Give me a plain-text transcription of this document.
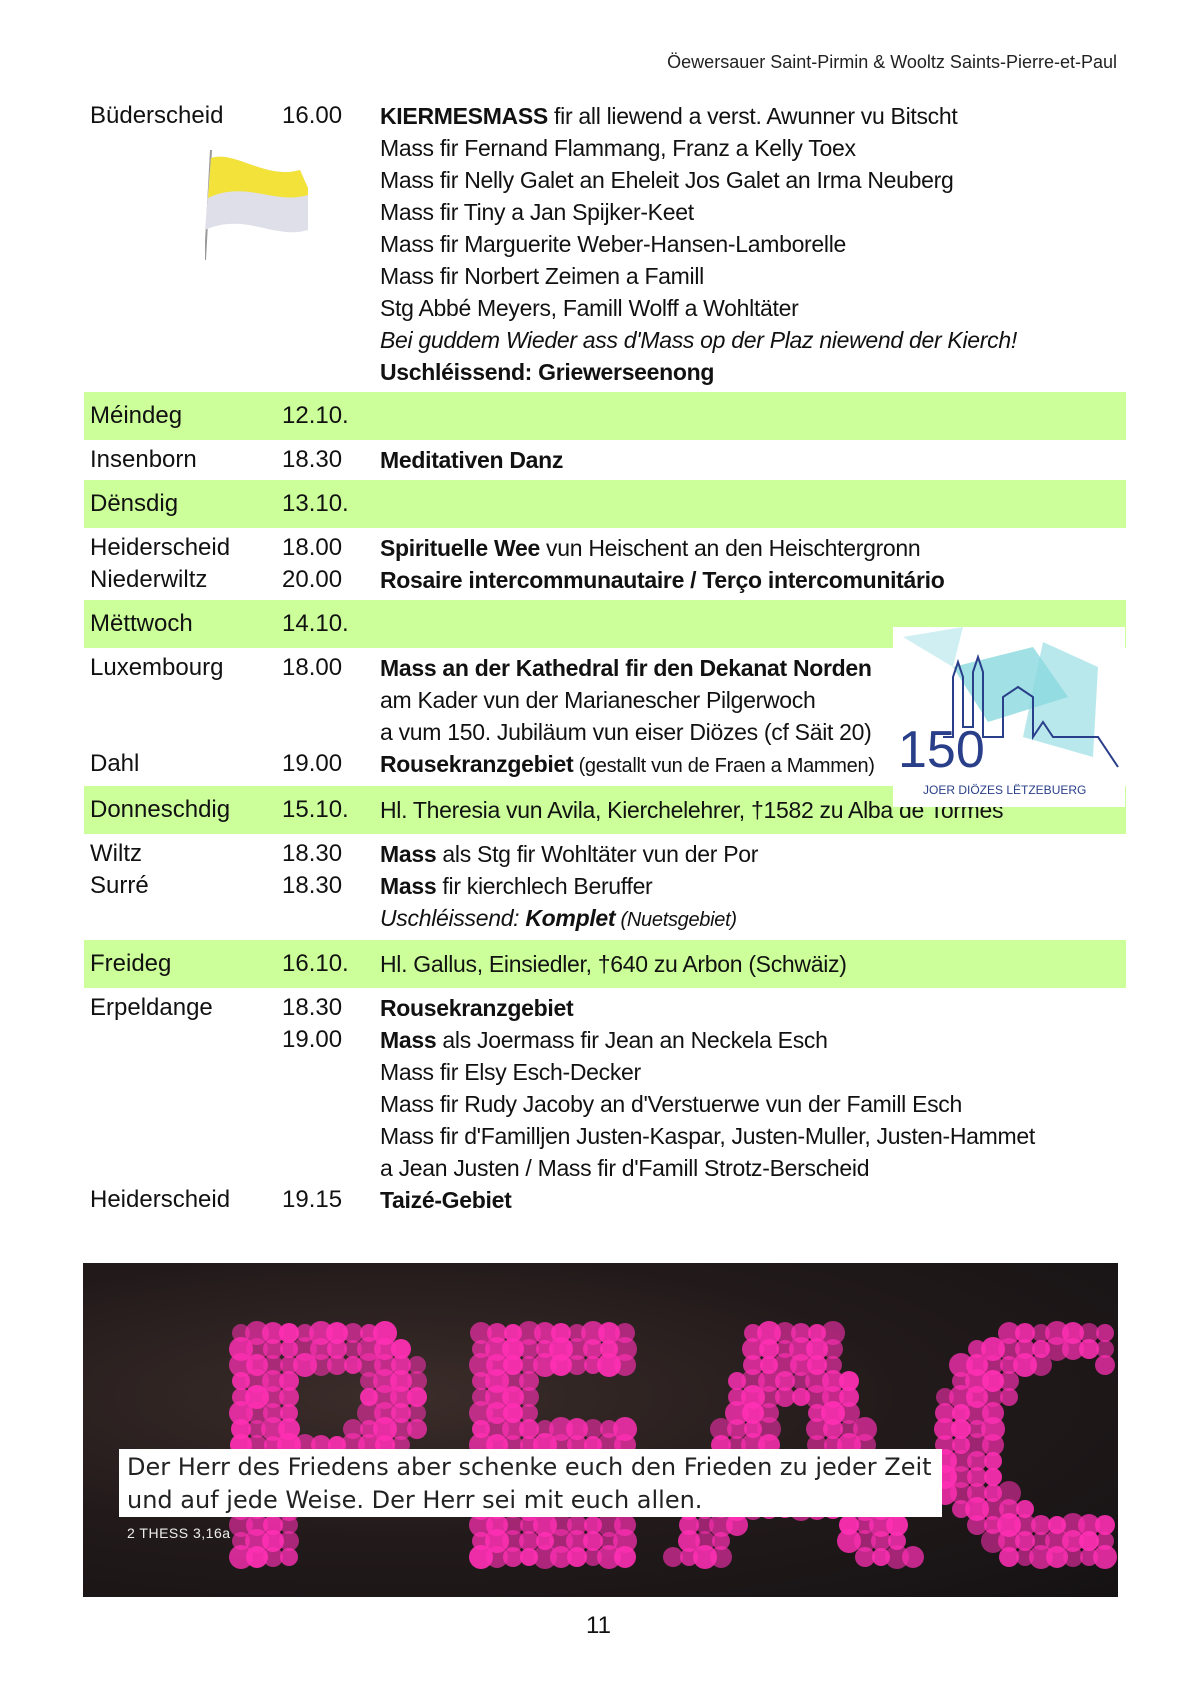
Öewersauer Saint-Pirmin & Wooltz Saints-Pierre-et-Paul
Büderscheid 16.00	KIERMESMASS fir all liewend a verst. Awunner vu Bitscht
Mass fir Fernand Flammang, Franz a Kelly Toex
Mass fir Nelly Galet an Eheleit Jos Galet an Irma Neuberg
Mass fir Tiny a Jan Spijker-Keet
Mass fir Marguerite Weber-Hansen-Lamborelle
Mass fir Norbert Zeimen a Famill
Stg Abbé Meyers, Famill Wolff a Wohltäter
Bei guddem Wieder ass d'Mass op der Plaz niewend der Kierch!
Uschléissend: Griewerseenong
Méindeg	12.10.
Insenborn	18.30	Meditativen Danz
Dënsdig	13.10.
Heiderscheid 18.00	Spirituelle Wee vun Heischent an den Heischtergronn
Niederwiltz	20.00	Rosaire intercommunautaire / Terço intercomunitário
Mëttwoch	14.10.
Luxembourg 18.00	Mass an der Kathedral fir den Dekanat Norden
am Kader vun der Marianescher Pilgerwoch
a vum 150. Jubiläum vun eiser Diözes (cf Säit 20)
Dahl	19.00	Rousekranzgebiet (gestallt vun de Fraen a Mammen)
Donneschdig 15.10. Hl. Theresia vun Avila, Kierchelehrer, †1582 zu Alba de Tormes
Wiltz	18.30	Mass als Stg fir Wohltäter vun der Por
Surré	18.30	Mass fir kierchlech Beruffer
Uschléissend: Komplet (Nuetsgebiet)
Freideg	16.10. Hl. Gallus, Einsiedler, †640 zu Arbon (Schwäiz)
Erpeldange	18.30	Rousekranzgebiet
19.00	Mass als Joermass fir Jean an Neckela Esch
Mass fir Elsy Esch-Decker
Mass fir Rudy Jacoby an d'Verstuerwe vun der Famill Esch
Mass fir d'Familljen Justen-Kaspar, Justen-Muller, Justen-Hammet
a Jean Justen / Mass fir d'Famill Strotz-Berscheid
Heiderscheid 19.15	Taizé-Gebiet
150
JOER DIÖZES LËTZEBUERG
Der Herr des Friedens aber schenke euch den Frieden zu jeder Zeit
und auf jede Weise. Der Herr sei mit euch allen.
2 THESS 3,16a
11
